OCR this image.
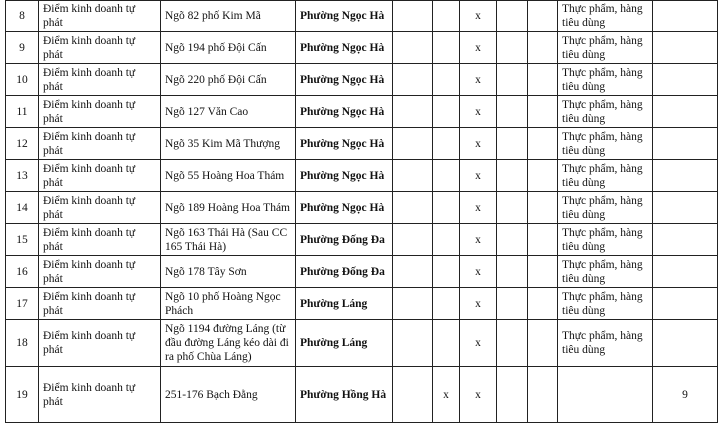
8	Điểm kinh doanh tự phát	Ngõ 82 phố Kim Mã	Phường Ngọc Hà			x			Thực phẩm, hàng tiêu dùng	
9	Điểm kinh doanh tự phát	Ngõ 194 phố Đội Cấn	Phường Ngọc Hà			x			Thực phẩm, hàng tiêu dùng	
10	Điểm kinh doanh tự phát	Ngõ 220 phố Đội Cấn	Phường Ngọc Hà			x			Thực phẩm, hàng tiêu dùng	
11	Điểm kinh doanh tự phát	Ngõ 127 Văn Cao	Phường Ngọc Hà			x			Thực phẩm, hàng tiêu dùng	
12	Điểm kinh doanh tự phát	Ngõ 35 Kim Mã Thượng	Phường Ngọc Hà			x			Thực phẩm, hàng tiêu dùng	
13	Điểm kinh doanh tự phát	Ngõ 55 Hoàng Hoa Thám	Phường Ngọc Hà			x			Thực phẩm, hàng tiêu dùng	
14	Điểm kinh doanh tự phát	Ngõ 189 Hoàng Hoa Thám	Phường Ngọc Hà			x			Thực phẩm, hàng tiêu dùng	
15	Điểm kinh doanh tự phát	Ngõ 163 Thái Hà (Sau CC 165 Thái Hà)	Phường Đống Đa			x			Thực phẩm, hàng tiêu dùng	
16	Điểm kinh doanh tự phát	Ngõ 178 Tây Sơn	Phường Đống Đa			x			Thực phẩm, hàng tiêu dùng	
17	Điểm kinh doanh tự phát	Ngõ 10 phố Hoàng Ngọc Phách	Phường Láng			x			Thực phẩm, hàng tiêu dùng	
18	Điểm kinh doanh tự phát	Ngõ 1194 đường Láng (từ đầu đường Láng kéo dài đi ra phố Chùa Láng)	Phường Láng			x			Thực phẩm, hàng tiêu dùng	
19	Điểm kinh doanh tự phát	251-176 Bạch Đằng	Phường Hồng Hà		x	x				9
